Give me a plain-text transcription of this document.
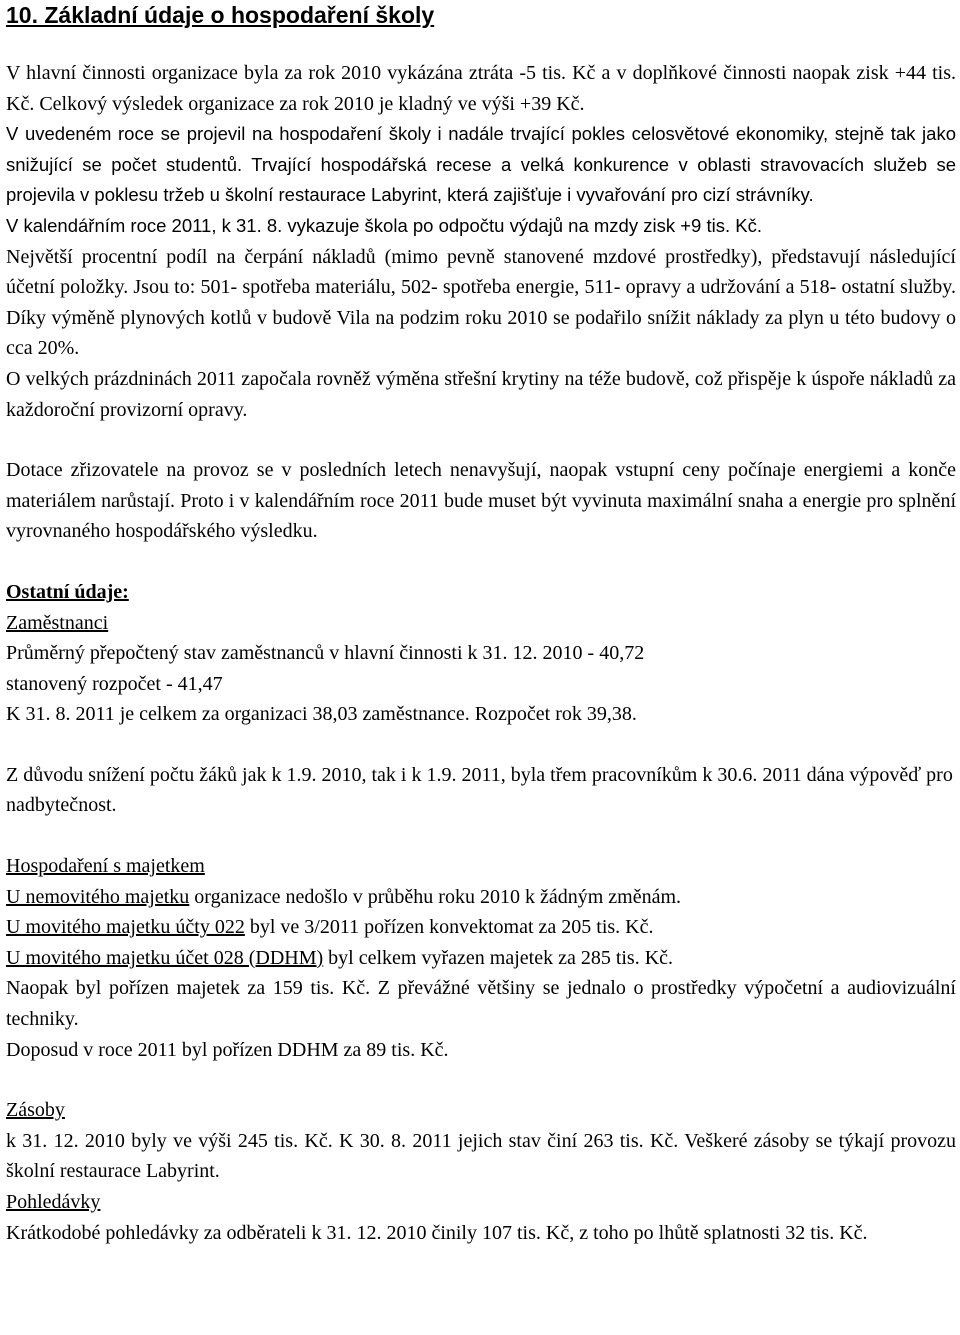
10. Základní údaje o hospodaření školy

V hlavní činnosti organizace byla za rok 2010 vykázána ztráta -5 tis. Kč a v doplňkové činnosti naopak zisk +44 tis. Kč. Celkový výsledek organizace za rok 2010 je kladný ve výši +39 Kč.

V uvedeném roce se projevil na hospodaření školy i nadále trvající pokles celosvětové ekonomiky, stejně tak jako snižující se počet studentů. Trvající hospodářská recese a velká konkurence v oblasti stravovacích služeb se projevila v poklesu tržeb u školní restaurace Labyrint, která zajišťuje i vyvařování pro cizí strávníky.

V kalendářním roce 2011, k 31. 8. vykazuje škola po odpočtu výdajů na mzdy zisk +9 tis. Kč.

Největší procentní podíl na čerpání nákladů (mimo pevně stanovené mzdové prostředky), představují následující účetní položky. Jsou to: 501- spotřeba materiálu, 502- spotřeba energie, 511- opravy a udržování a 518- ostatní služby. Díky výměně plynových kotlů v budově Vila na podzim roku 2010 se podařilo snížit náklady za plyn u této budovy o cca 20%.

O velkých prázdninách 2011 započala rovněž výměna střešní krytiny na téže budově, což přispěje k úspoře nákladů za každoroční provizorní opravy.

Dotace zřizovatele na provoz se v posledních letech nenavyšují, naopak vstupní ceny počínaje energiemi a konče materiálem narůstají. Proto i v kalendářním roce 2011 bude muset být vyvinuta maximální snaha a energie pro splnění vyrovnaného hospodářského výsledku.

Ostatní údaje:

Zaměstnanci

Průměrný přepočtený stav zaměstnanců v hlavní činnosti k 31. 12. 2010 - 40,72

stanovený rozpočet - 41,47

K 31. 8. 2011 je celkem za organizaci 38,03 zaměstnance. Rozpočet rok 39,38.

Z důvodu snížení počtu žáků jak k 1.9. 2010, tak i k 1.9. 2011, byla třem pracovníkům k 30.6. 2011 dána výpověď pro nadbytečnost.

Hospodaření s majetkem

U nemovitého majetku organizace nedošlo v průběhu roku 2010 k žádným změnám.

U movitého majetku účty 022 byl ve 3/2011 pořízen konvektomat za 205 tis. Kč.

U movitého majetku účet 028 (DDHM) byl celkem vyřazen majetek za 285 tis. Kč.

Naopak byl pořízen majetek za 159 tis. Kč. Z převážné většiny se jednalo o prostředky výpočetní a audiovizuální techniky.

Doposud v roce 2011 byl pořízen DDHM za 89 tis. Kč.

Zásoby

k 31. 12. 2010 byly ve výši 245 tis. Kč. K 30. 8. 2011 jejich stav činí 263 tis. Kč. Veškeré zásoby se týkají provozu školní restaurace Labyrint.

Pohledávky

Krátkodobé pohledávky za odběrateli k 31. 12. 2010 činily 107 tis. Kč, z toho po lhůtě splatnosti 32 tis. Kč.
